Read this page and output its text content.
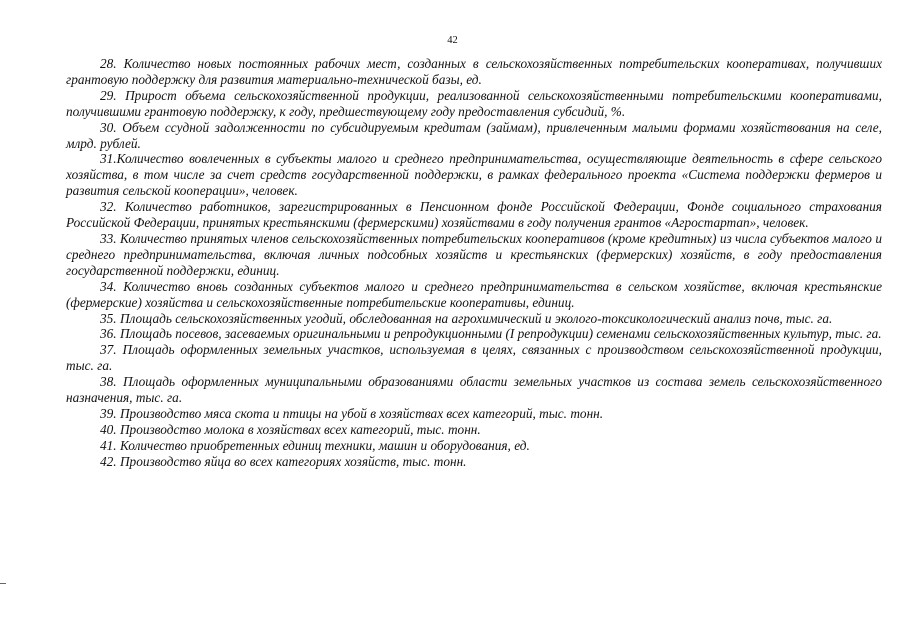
42

28. Количество новых постоянных рабочих мест, созданных в сельскохозяйственных потребительских кооперативах, получивших грантовую поддержку для развития материально-технической базы, ед.

29. Прирост объема сельскохозяйственной продукции, реализованной сельскохозяйственными потребительскими кооперативами, получившими грантовую поддержку, к году, предшествующему году предоставления субсидий, %.

30. Объем ссудной задолженности по субсидируемым кредитам (займам), привлеченным малыми формами хозяйствования на селе, млрд. рублей.

31.Количество вовлеченных в субъекты малого и среднего предпринимательства, осуществляющие деятельность в сфере сельского хозяйства, в том числе за счет средств государственной поддержки, в рамках федерального проекта «Система поддержки фермеров и развития сельской кооперации», человек.

32. Количество работников, зарегистрированных в Пенсионном фонде Российской Федерации, Фонде социального страхования Российской Федерации, принятых крестьянскими (фермерскими) хозяйствами в году получения грантов «Агростартап», человек.

33. Количество принятых членов сельскохозяйственных потребительских кооперативов (кроме кредитных) из числа субъектов малого и среднего предпринимательства, включая личных подсобных хозяйств и крестьянских (фермерских) хозяйств, в году предоставления государственной поддержки, единиц.

34. Количество вновь созданных субъектов малого и среднего предпринимательства в сельском хозяйстве, включая крестьянские (фермерские) хозяйства и сельскохозяйственные потребительские кооперативы, единиц.

35. Площадь сельскохозяйственных угодий, обследованная на агрохимический и эколого-токсикологический анализ почв, тыс. га.

36. Площадь посевов, засеваемых оригинальными и репродукционными (I репродукции) семенами сельскохозяйственных культур, тыс. га.

37. Площадь оформленных земельных участков, используемая в целях, связанных с производством сельскохозяйственной продукции, тыс. га.

38. Площадь оформленных муниципальными образованиями области земельных участков из состава земель сельскохозяйственного назначения, тыс. га.

39. Производство мяса скота и птицы на убой в хозяйствах всех категорий, тыс. тонн.

40. Производство молока в хозяйствах всех категорий, тыс. тонн.

41. Количество приобретенных единиц техники, машин и оборудования, ед.

42. Производство яйца во всех категориях хозяйств, тыс. тонн.
